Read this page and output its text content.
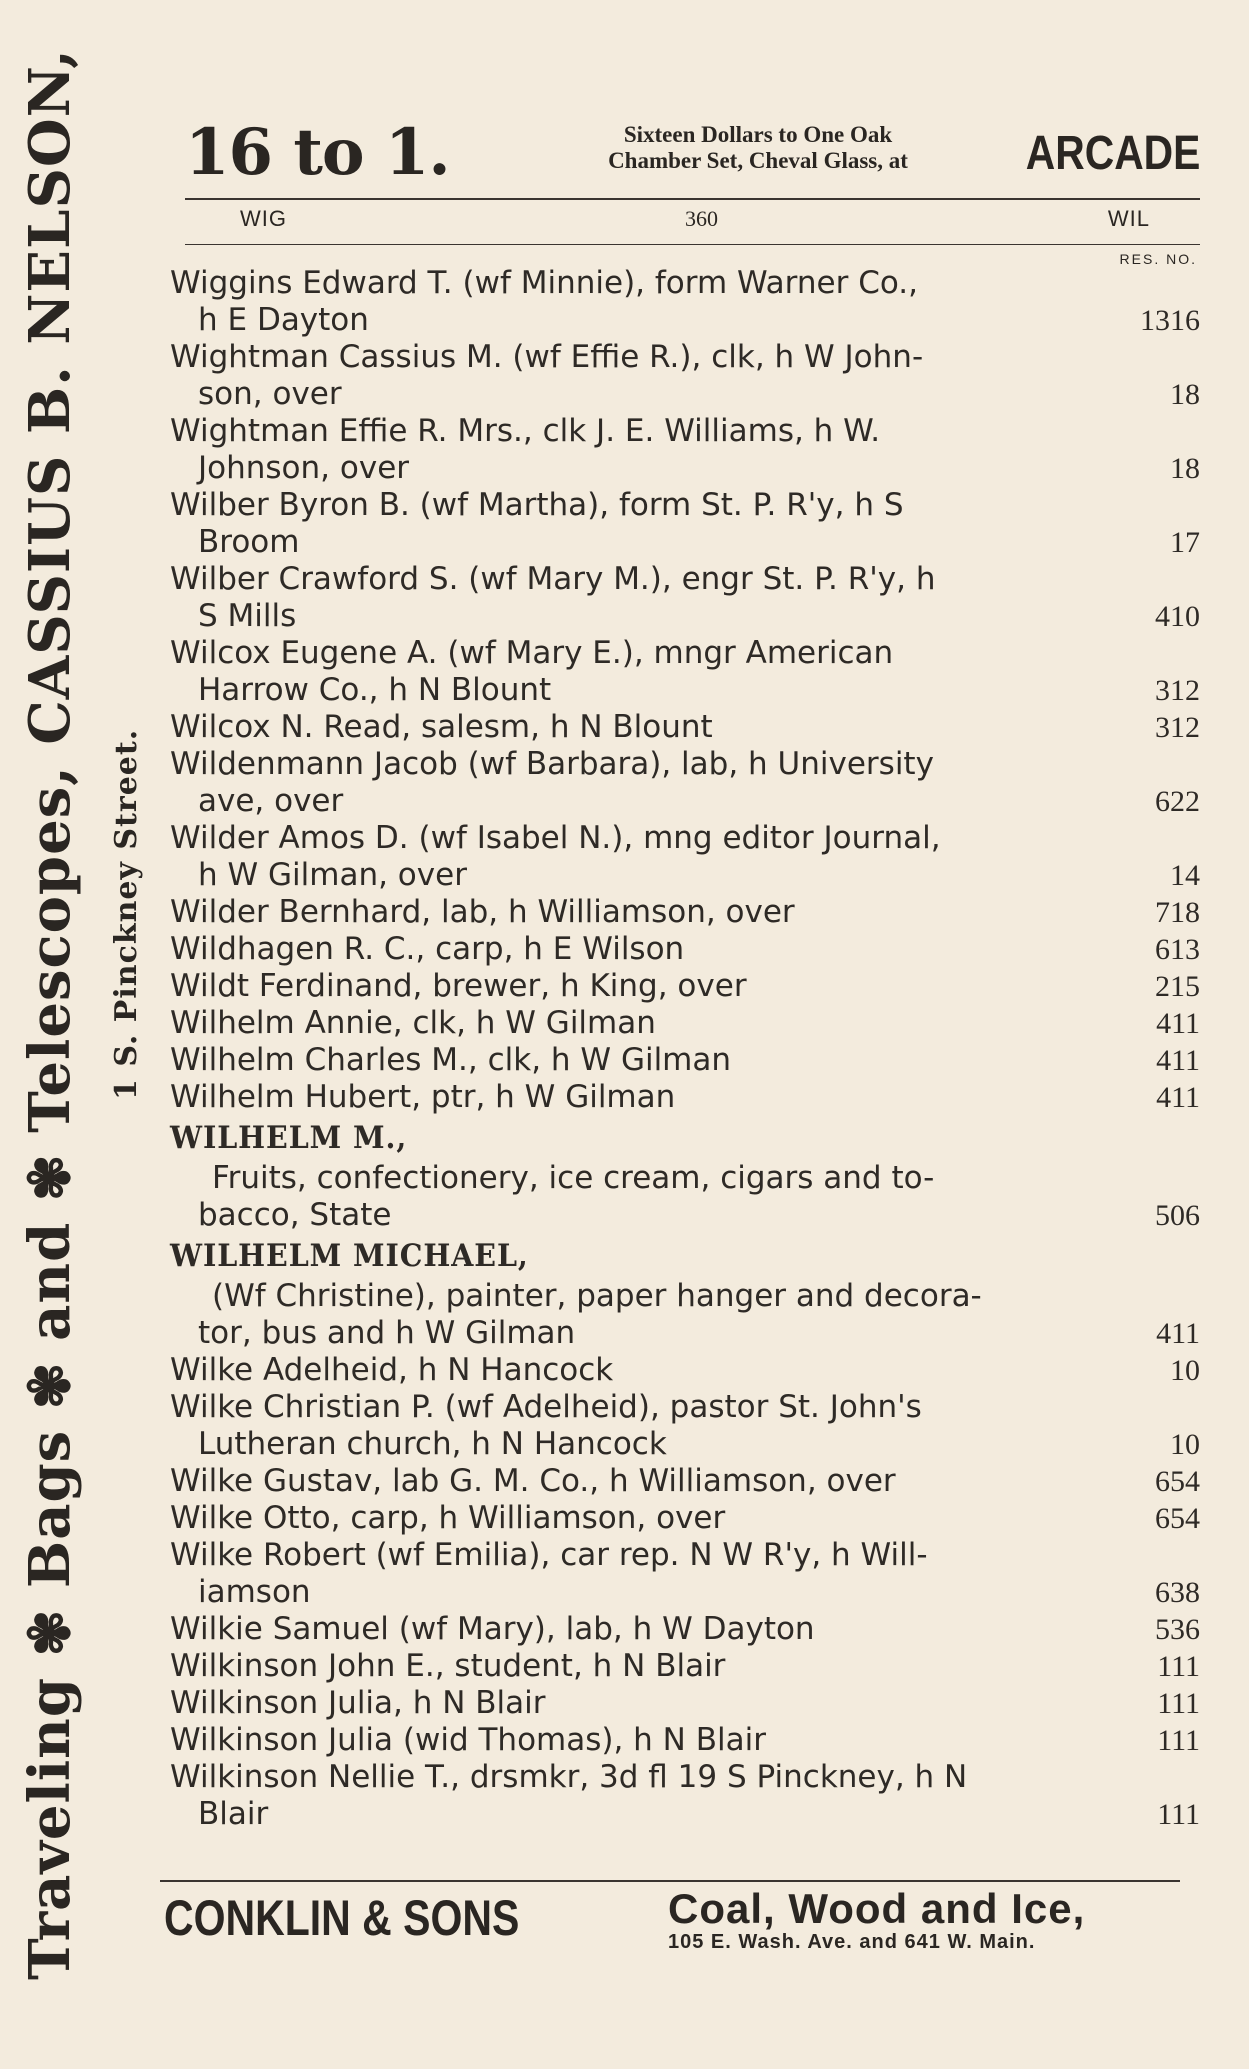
Traveling ✾ Bags ✾ and ✾ Telescopes, CASSIUS B. NELSON, 1 S. Pinckney Street.
16 to 1.	Sixteen Dollars to One Oak
Chamber Set, Cheval Glass, at	ARCADE
WIG	360	WIL
RES. NO.
Wiggins Edward T. (wf Minnie), form Warner Co.,
h E Dayton	1316
Wightman Cassius M. (wf Effie R.), clk, h W John-
son, over	18
Wightman Effie R. Mrs., clk J. E. Williams, h W.
Johnson, over	18
Wilber Byron B. (wf Martha), form St. P. R'y, h S
Broom	17
Wilber Crawford S. (wf Mary M.), engr St. P. R'y, h
S Mills	410
Wilcox Eugene A. (wf Mary E.), mngr American
Harrow Co., h N Blount	312
Wilcox N. Read, salesm, h N Blount	312
Wildenmann Jacob (wf Barbara), lab, h University
ave, over	622
Wilder Amos D. (wf Isabel N.), mng editor Journal,
h W Gilman, over	14
Wilder Bernhard, lab, h Williamson, over	718
Wildhagen R. C., carp, h E Wilson	613
Wildt Ferdinand, brewer, h King, over	215
Wilhelm Annie, clk, h W Gilman	411
Wilhelm Charles M., clk, h W Gilman	411
Wilhelm Hubert, ptr, h W Gilman	411
WILHELM M.,
Fruits, confectionery, ice cream, cigars and to-
bacco, State	506
WILHELM MICHAEL,
(Wf Christine), painter, paper hanger and decora-
tor, bus and h W Gilman	411
Wilke Adelheid, h N Hancock	10
Wilke Christian P. (wf Adelheid), pastor St. John's
Lutheran church, h N Hancock	10
Wilke Gustav, lab G. M. Co., h Williamson, over	654
Wilke Otto, carp, h Williamson, over	654
Wilke Robert (wf Emilia), car rep. N W R'y, h Will-
iamson	638
Wilkie Samuel (wf Mary), lab, h W Dayton	536
Wilkinson John E., student, h N Blair	111
Wilkinson Julia, h N Blair	111
Wilkinson Julia (wid Thomas), h N Blair	111
Wilkinson Nellie T., drsmkr, 3d fl 19 S Pinckney, h N
Blair	111
CONKLIN & SONS	Coal, Wood and Ice,
105 E. Wash. Ave. and 641 W. Main.
